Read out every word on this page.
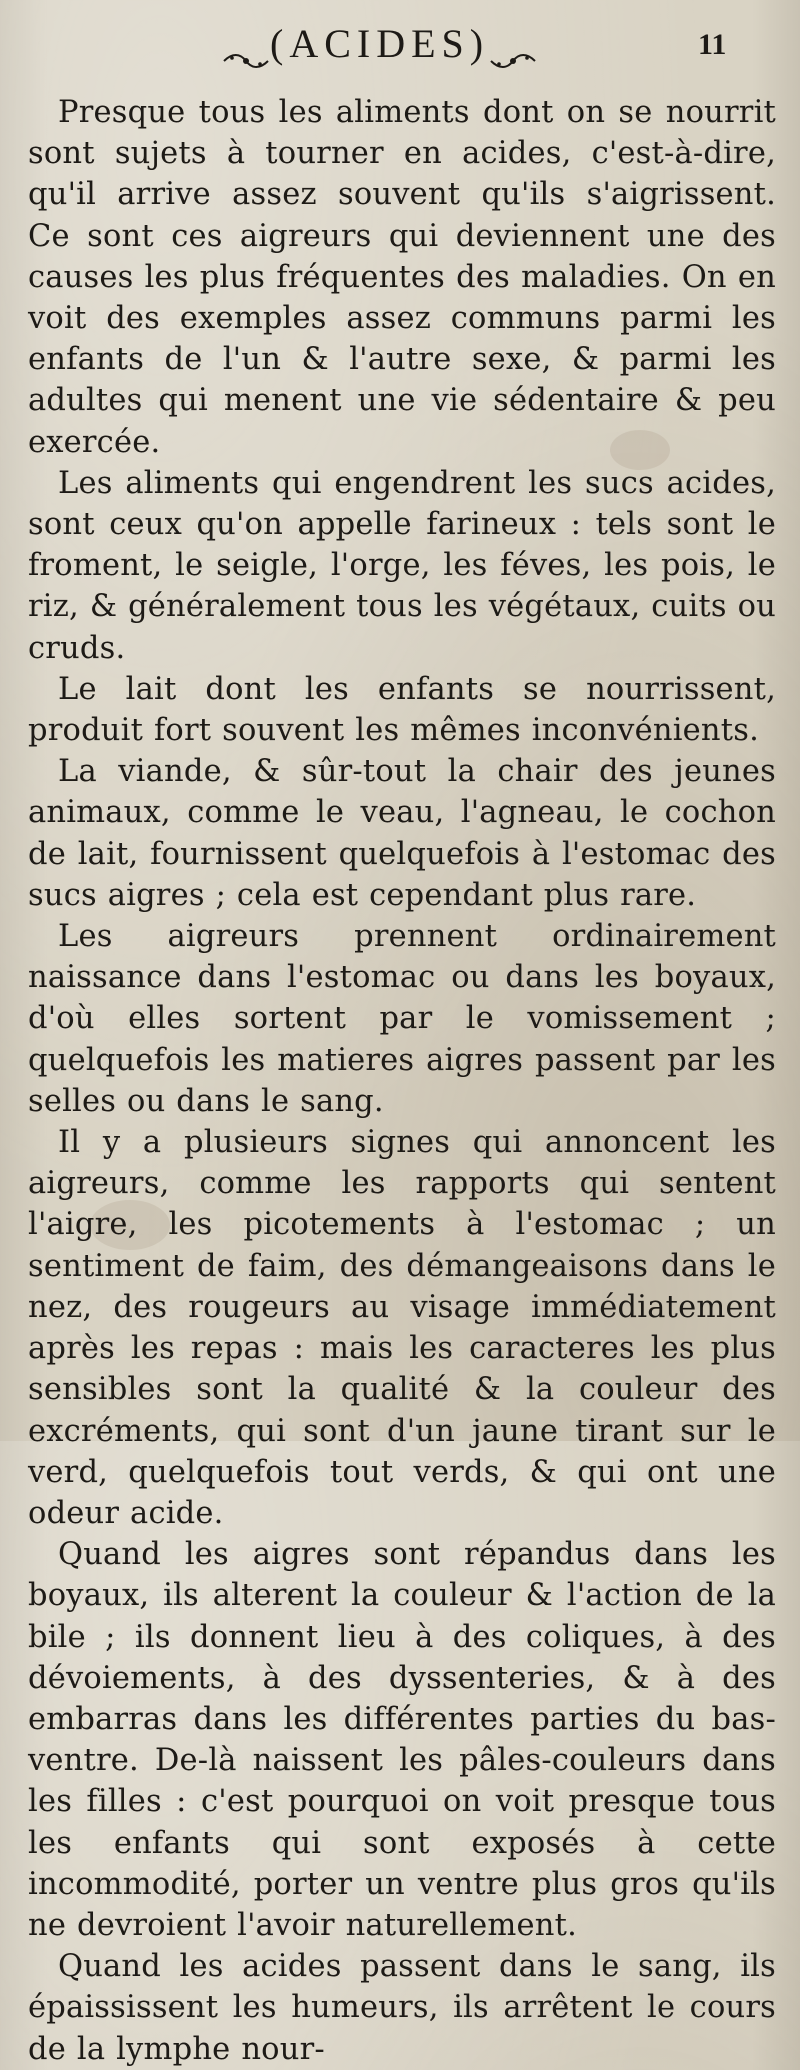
(ACIDES)	11

Presque tous les aliments dont on se nourrit sont sujets à tourner en acides, c'est-à-dire, qu'il arrive assez souvent qu'ils s'aigrissent. Ce sont ces aigreurs qui deviennent une des causes les plus fréquentes des maladies. On en voit des exemples assez communs parmi les enfants de l'un & l'autre sexe, & parmi les adultes qui menent une vie sédentaire & peu exercée.

Les aliments qui engendrent les sucs acides, sont ceux qu'on appelle farineux : tels sont le froment, le seigle, l'orge, les féves, les pois, le riz, & généralement tous les végétaux, cuits ou cruds.

Le lait dont les enfants se nourrissent, produit fort souvent les mêmes inconvénients.

La viande, & sûr-tout la chair des jeunes animaux, comme le veau, l'agneau, le cochon de lait, fournissent quelquefois à l'estomac des sucs aigres ; cela est cependant plus rare.

Les aigreurs prennent ordinairement naissance dans l'estomac ou dans les boyaux, d'où elles sortent par le vomissement ; quelquefois les matieres aigres passent par les selles ou dans le sang.

Il y a plusieurs signes qui annoncent les aigreurs, comme les rapports qui sentent l'aigre, les picotements à l'estomac ; un sentiment de faim, des démangeaisons dans le nez, des rougeurs au visage immédiatement après les repas : mais les caracteres les plus sensibles sont la qualité & la couleur des excréments, qui sont d'un jaune tirant sur le verd, quelquefois tout verds, & qui ont une odeur acide.

Quand les aigres sont répandus dans les boyaux, ils alterent la couleur & l'action de la bile ; ils donnent lieu à des coliques, à des dévoiements, à des dyssenteries, & à des embarras dans les différentes parties du bas-ventre. De-là naissent les pâles-couleurs dans les filles : c'est pourquoi on voit presque tous les enfants qui sont exposés à cette incommodité, porter un ventre plus gros qu'ils ne devroient l'avoir naturellement.

Quand les acides passent dans le sang, ils épaississent les humeurs, ils arrêtent le cours de la lymphe nour-
